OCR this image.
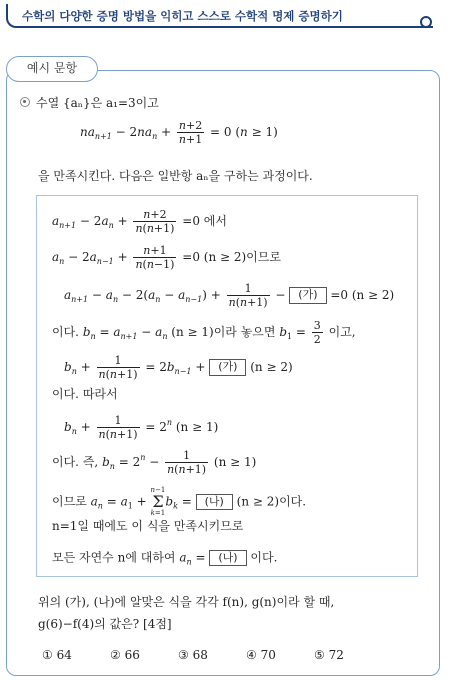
수학의 다양한 증명 방법을 익히고 스스로 수학적 명제 증명하기
예시 문항
수열 {aₙ}은 a₁=3이고
$na_{n+1} - 2na_n + \frac{n+2}{n+1} = 0$ (n ≥ 1)
을 만족시킨다. 다음은 일반항 aₙ을 구하는 과정이다.
$a_{n+1} - 2a_n + \frac{n+2}{n(n+1)} =0$ 에서
$a_n - 2a_{n-1} + \frac{n+1}{n(n-1)} =0$ (n ≥ 2)이므로
$a_{n+1} - a_n - 2(a_n - a_{n-1}) + \frac{1}{n(n+1)}$ − (가) =0 (n ≥ 2)
이다. $b_n = a_{n+1} - a_n$ (n ≥ 1)이라 놓으면 $b_1 = \frac{3}{2}$ 이고,
$b_n + \frac{1}{n(n+1)} = 2b_{n-1}$ + (가) (n ≥ 2)
이다. 따라서
$b_n + \frac{1}{n(n+1)} = 2^n$ (n ≥ 1)
이다. 즉, $b_n = 2^n - \frac{1}{n(n+1)} (n \ge 1)$
이므로 $a_n = a_1$ +
n−1
Σ
k=1
$b_k$ = (나) (n ≥ 2)이다.
n=1일 때에도 이 식을 만족시키므로
모든 자연수 n에 대하여 $a_n$ = (나) 이다.
위의 (가), (나)에 알맞은 식을 각각 f(n), g(n)이라 할 때,
g(6)−f(4)의 값은? [4점]
① 64	② 66	③ 68	④ 70	⑤ 72
